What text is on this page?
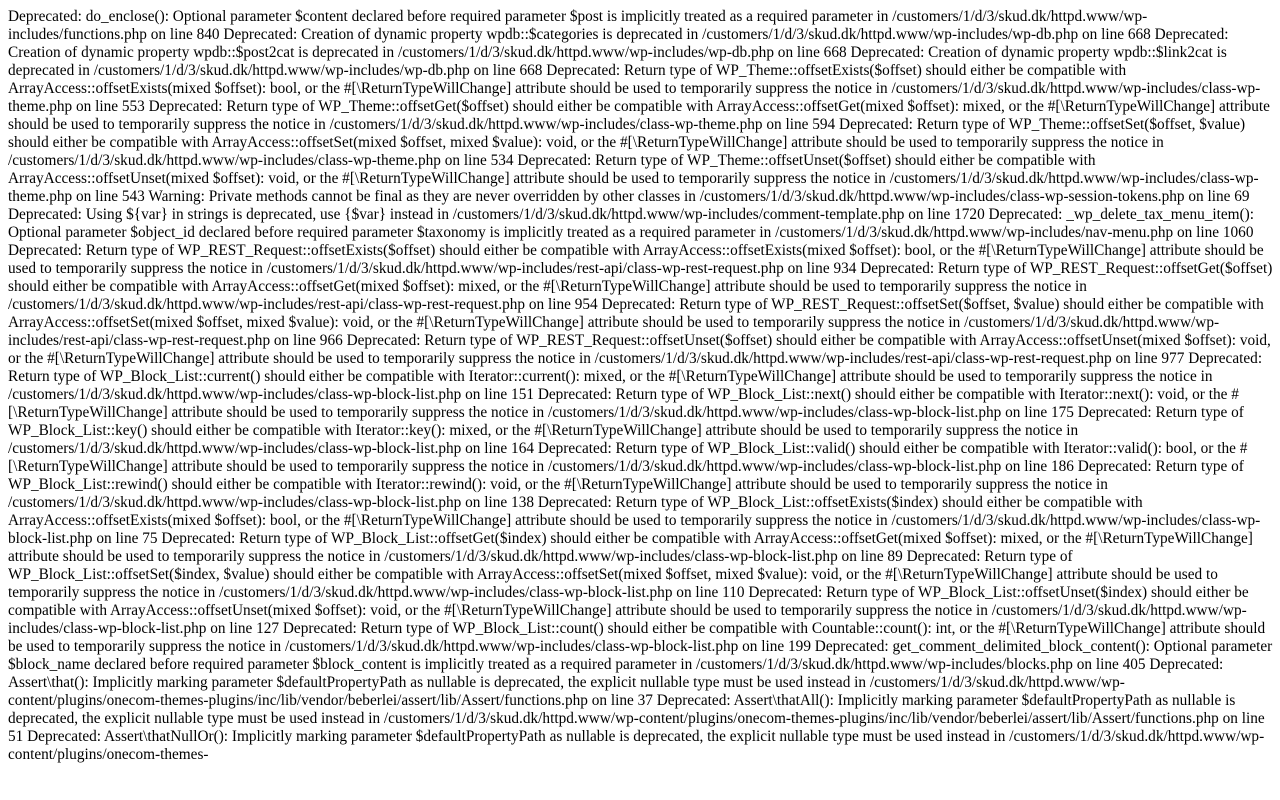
Deprecated: do_enclose(): Optional parameter $content declared before required parameter $post is implicitly treated as a required parameter in /customers/1/d/3/skud.dk/httpd.www/wp-includes/functions.php on line 840 Deprecated: Creation of dynamic property wpdb::$categories is deprecated in /customers/1/d/3/skud.dk/httpd.www/wp-includes/wp-db.php on line 668 Deprecated: Creation of dynamic property wpdb::$post2cat is deprecated in /customers/1/d/3/skud.dk/httpd.www/wp-includes/wp-db.php on line 668 Deprecated: Creation of dynamic property wpdb::$link2cat is deprecated in /customers/1/d/3/skud.dk/httpd.www/wp-includes/wp-db.php on line 668 Deprecated: Return type of WP_Theme::offsetExists($offset) should either be compatible with ArrayAccess::offsetExists(mixed $offset): bool, or the #[\ReturnTypeWillChange] attribute should be used to temporarily suppress the notice in /customers/1/d/3/skud.dk/httpd.www/wp-includes/class-wp-theme.php on line 553 Deprecated: Return type of WP_Theme::offsetGet($offset) should either be compatible with ArrayAccess::offsetGet(mixed $offset): mixed, or the #[\ReturnTypeWillChange] attribute should be used to temporarily suppress the notice in /customers/1/d/3/skud.dk/httpd.www/wp-includes/class-wp-theme.php on line 594 Deprecated: Return type of WP_Theme::offsetSet($offset, $value) should either be compatible with ArrayAccess::offsetSet(mixed $offset, mixed $value): void, or the #[\ReturnTypeWillChange] attribute should be used to temporarily suppress the notice in /customers/1/d/3/skud.dk/httpd.www/wp-includes/class-wp-theme.php on line 534 Deprecated: Return type of WP_Theme::offsetUnset($offset) should either be compatible with ArrayAccess::offsetUnset(mixed $offset): void, or the #[\ReturnTypeWillChange] attribute should be used to temporarily suppress the notice in /customers/1/d/3/skud.dk/httpd.www/wp-includes/class-wp-theme.php on line 543 Warning: Private methods cannot be final as they are never overridden by other classes in /customers/1/d/3/skud.dk/httpd.www/wp-includes/class-wp-session-tokens.php on line 69 Deprecated: Using ${var} in strings is deprecated, use {$var} instead in /customers/1/d/3/skud.dk/httpd.www/wp-includes/comment-template.php on line 1720 Deprecated: _wp_delete_tax_menu_item(): Optional parameter $object_id declared before required parameter $taxonomy is implicitly treated as a required parameter in /customers/1/d/3/skud.dk/httpd.www/wp-includes/nav-menu.php on line 1060 Deprecated: Return type of WP_REST_Request::offsetExists($offset) should either be compatible with ArrayAccess::offsetExists(mixed $offset): bool, or the #[\ReturnTypeWillChange] attribute should be used to temporarily suppress the notice in /customers/1/d/3/skud.dk/httpd.www/wp-includes/rest-api/class-wp-rest-request.php on line 934 Deprecated: Return type of WP_REST_Request::offsetGet($offset) should either be compatible with ArrayAccess::offsetGet(mixed $offset): mixed, or the #[\ReturnTypeWillChange] attribute should be used to temporarily suppress the notice in /customers/1/d/3/skud.dk/httpd.www/wp-includes/rest-api/class-wp-rest-request.php on line 954 Deprecated: Return type of WP_REST_Request::offsetSet($offset, $value) should either be compatible with ArrayAccess::offsetSet(mixed $offset, mixed $value): void, or the #[\ReturnTypeWillChange] attribute should be used to temporarily suppress the notice in /customers/1/d/3/skud.dk/httpd.www/wp-includes/rest-api/class-wp-rest-request.php on line 966 Deprecated: Return type of WP_REST_Request::offsetUnset($offset) should either be compatible with ArrayAccess::offsetUnset(mixed $offset): void, or the #[\ReturnTypeWillChange] attribute should be used to temporarily suppress the notice in /customers/1/d/3/skud.dk/httpd.www/wp-includes/rest-api/class-wp-rest-request.php on line 977 Deprecated: Return type of WP_Block_List::current() should either be compatible with Iterator::current(): mixed, or the #[\ReturnTypeWillChange] attribute should be used to temporarily suppress the notice in /customers/1/d/3/skud.dk/httpd.www/wp-includes/class-wp-block-list.php on line 151 Deprecated: Return type of WP_Block_List::next() should either be compatible with Iterator::next(): void, or the #[\ReturnTypeWillChange] attribute should be used to temporarily suppress the notice in /customers/1/d/3/skud.dk/httpd.www/wp-includes/class-wp-block-list.php on line 175 Deprecated: Return type of WP_Block_List::key() should either be compatible with Iterator::key(): mixed, or the #[\ReturnTypeWillChange] attribute should be used to temporarily suppress the notice in /customers/1/d/3/skud.dk/httpd.www/wp-includes/class-wp-block-list.php on line 164 Deprecated: Return type of WP_Block_List::valid() should either be compatible with Iterator::valid(): bool, or the #[\ReturnTypeWillChange] attribute should be used to temporarily suppress the notice in /customers/1/d/3/skud.dk/httpd.www/wp-includes/class-wp-block-list.php on line 186 Deprecated: Return type of WP_Block_List::rewind() should either be compatible with Iterator::rewind(): void, or the #[\ReturnTypeWillChange] attribute should be used to temporarily suppress the notice in /customers/1/d/3/skud.dk/httpd.www/wp-includes/class-wp-block-list.php on line 138 Deprecated: Return type of WP_Block_List::offsetExists($index) should either be compatible with ArrayAccess::offsetExists(mixed $offset): bool, or the #[\ReturnTypeWillChange] attribute should be used to temporarily suppress the notice in /customers/1/d/3/skud.dk/httpd.www/wp-includes/class-wp-block-list.php on line 75 Deprecated: Return type of WP_Block_List::offsetGet($index) should either be compatible with ArrayAccess::offsetGet(mixed $offset): mixed, or the #[\ReturnTypeWillChange] attribute should be used to temporarily suppress the notice in /customers/1/d/3/skud.dk/httpd.www/wp-includes/class-wp-block-list.php on line 89 Deprecated: Return type of WP_Block_List::offsetSet($index, $value) should either be compatible with ArrayAccess::offsetSet(mixed $offset, mixed $value): void, or the #[\ReturnTypeWillChange] attribute should be used to temporarily suppress the notice in /customers/1/d/3/skud.dk/httpd.www/wp-includes/class-wp-block-list.php on line 110 Deprecated: Return type of WP_Block_List::offsetUnset($index) should either be compatible with ArrayAccess::offsetUnset(mixed $offset): void, or the #[\ReturnTypeWillChange] attribute should be used to temporarily suppress the notice in /customers/1/d/3/skud.dk/httpd.www/wp-includes/class-wp-block-list.php on line 127 Deprecated: Return type of WP_Block_List::count() should either be compatible with Countable::count(): int, or the #[\ReturnTypeWillChange] attribute should be used to temporarily suppress the notice in /customers/1/d/3/skud.dk/httpd.www/wp-includes/class-wp-block-list.php on line 199 Deprecated: get_comment_delimited_block_content(): Optional parameter $block_name declared before required parameter $block_content is implicitly treated as a required parameter in /customers/1/d/3/skud.dk/httpd.www/wp-includes/blocks.php on line 405 Deprecated: Assert\that(): Implicitly marking parameter $defaultPropertyPath as nullable is deprecated, the explicit nullable type must be used instead in /customers/1/d/3/skud.dk/httpd.www/wp-content/plugins/onecom-themes-plugins/inc/lib/vendor/beberlei/assert/lib/Assert/functions.php on line 37 Deprecated: Assert\thatAll(): Implicitly marking parameter $defaultPropertyPath as nullable is deprecated, the explicit nullable type must be used instead in /customers/1/d/3/skud.dk/httpd.www/wp-content/plugins/onecom-themes-plugins/inc/lib/vendor/beberlei/assert/lib/Assert/functions.php on line 51 Deprecated: Assert\thatNullOr(): Implicitly marking parameter $defaultPropertyPath as nullable is deprecated, the explicit nullable type must be used instead in /customers/1/d/3/skud.dk/httpd.www/wp-content/plugins/onecom-themes-
